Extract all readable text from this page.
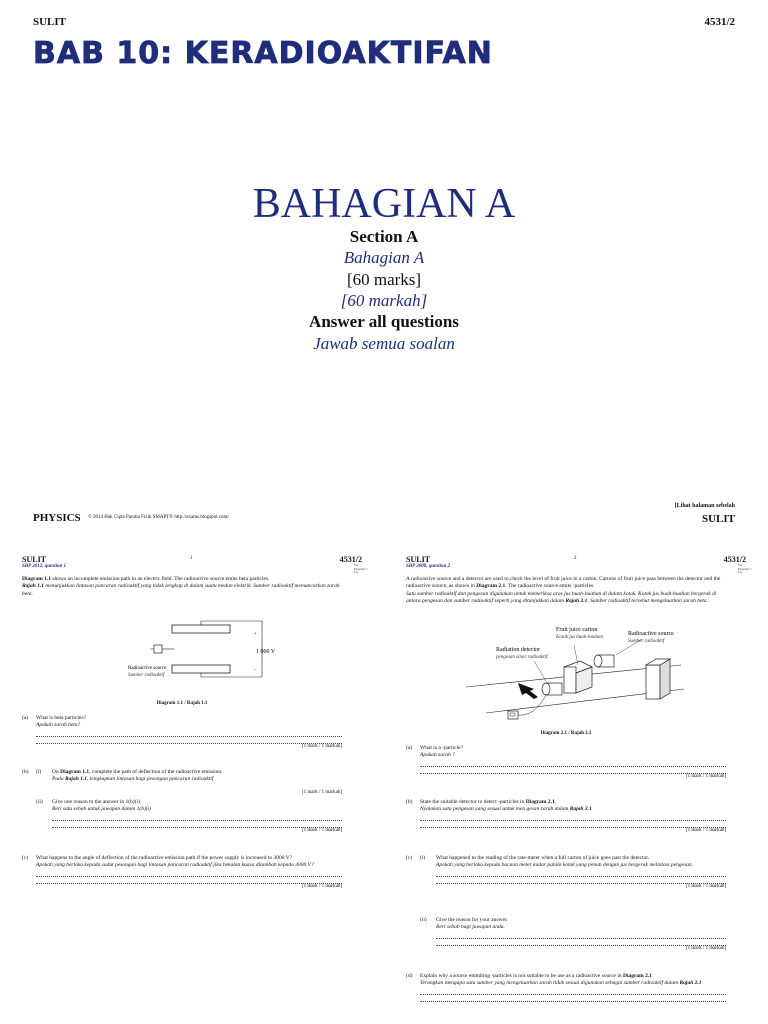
SULIT	4531/2
BAB 10: KERADIOAKTIFAN
BAHAGIAN A
Section A
Bahagian A
[60 marks]
[60 markah]
Answer all questions
Jawab semua soalan
[Lihat halaman sebelah
PHYSICS © 2014 Hak Cipta Panitia Fizik SMAPT® http://exams.blogspot.com/	SULIT
SULIT	1	4531/2
SBP 2012, question 1	For Examiner's Use
Diagram 1.1 shows an incomplete emission path in an electric field. The radioactive source emits beta particles.
Rajah 1.1 menunjukkan lintasan pancaran radioaktif yang tidak lengkap di dalam suatu medan elektrik. Sumber radioaktif memancarkan zarah beta.
+
−
1 000 V
Radioactive source
Sumber radioaktif
Diagram 1.1 / Rajah 1.1
(a) What is beta particles?
Apakah zarah beta?
[1 mark / 1 markah]
(b) (i) On Diagram 1.1, complete the path of deflection of the radioactive emission.
Pada Rajah 1.1, lengkapkan lintasan bagi pesongan pancaran radioaktif
[1 mark / 1 markah]
(ii) Give one reason to the answer in 1(b)(i).
Beri satu sebab untuk jawapan dalam 1(b)(i)
[1 mark / 1 markah]
(c) What happens to the angle of deflection of the radioactive emission path if the power supply is increased to 3000 V?
Apakah yang berlaku kepada sudut pesongan bagi lintasan pancaran radioaktif jika bekalan kuasa ditambah kepada 3000 V?
[1 mark / 1 markah]
SULIT	2	4531/2
SBP 2008, question 2	For Examiner's Use
A radioactive source and a detector are used to check the level of fruit juice in a carton. Cartons of fruit juice pass between the detector and the radioactive source, as shown in Diagram 2.1. The radioactive source emits -particles.
Satu sumber radioaktif dan pengesan digunakan untuk memeriksa aras jus buah-buahan di dalam kotak. Kotak jus buah-buahan bergerak di antara pengesan dan sumber radioaktif seperti yang ditunjukkan dalam Rajah 2.1. Sumber radioaktif tersebut mengeluarkan zarah beta.
Fruit juice carton
Kotak jus buah-buahan
Radioactive source
Sumber radioaktif
Radiation detector
pengesan sinar radioaktif
Diagram 2.1 / Rajah 2.1
(a) What is a -particle?
Apakah zarah ?
[1 mark / 1 markah]
(b) State the suitable detector to detect -particles in Diagram 2.1.
Nyatakan satu pengesan yang sesuai untuk men gesan zarah dalam Rajah 2.1
[1 mark / 1 markah]
(c) (i) What happened to the reading of the rate-meter when a full carton of juice goes past the detector.
Apakah yang berlaku kepada bacaan meter kadar pabila kotak yang penuh dengan jus bergerak melintasi pengesan.
[1 mark / 1 markah]
(ii) Give the reason for your answer.
Beri sebab bagi jawapan anda.
[1 mark / 1 markah]
(d) Explain why a source emmiting -particles is not suitable to be use as a radioactive source in Diagram 2.1
Terangkan mengapa satu sumber yang mengeluarkan zarah tidak sesuai digunakan sebagai sumber radioaktif dalam Rajah 2.1
